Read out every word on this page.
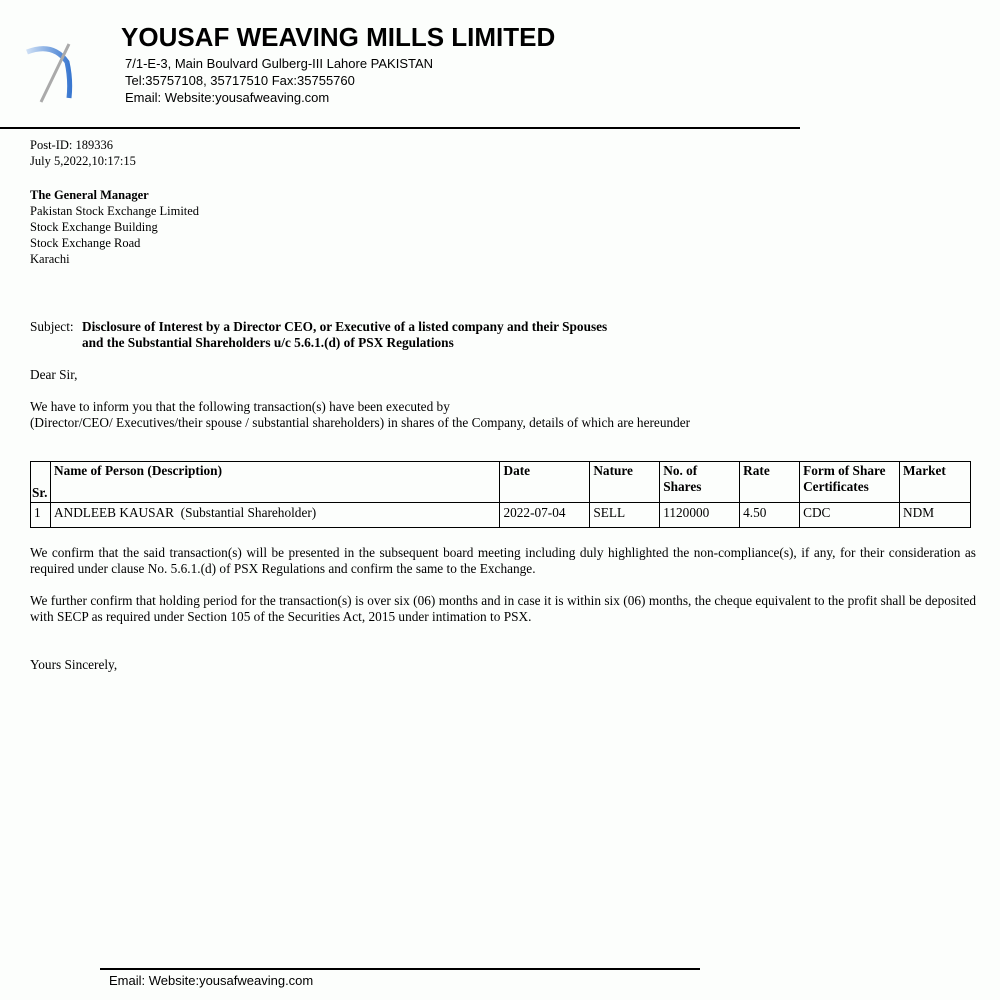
YOUSAF WEAVING MILLS LIMITED
7/1-E-3, Main Boulvard Gulberg-III Lahore PAKISTAN
Tel:35757108, 35717510 Fax:35755760
Email: Website:yousafweaving.com
Post-ID: 189336
July 5,2022,10:17:15
The General Manager
Pakistan Stock Exchange Limited
Stock Exchange Building
Stock Exchange Road
Karachi
Subject: Disclosure of Interest by a Director CEO, or Executive of a listed company and their Spouses
and the Substantial Shareholders u/c 5.6.1.(d) of PSX Regulations
Dear Sir,
We have to inform you that the following transaction(s) have been executed by
(Director/CEO/ Executives/their spouse / substantial shareholders) in shares of the Company, details of which are hereunder
Sr.	Name of Person (Description)	Date	Nature	No. of Shares	Rate	Form of Share Certificates	Market
1	ANDLEEB KAUSAR  (Substantial Shareholder)	2022-07-04	SELL	1120000	4.50	CDC	NDM
We confirm that the said transaction(s) will be presented in the subsequent board meeting including duly highlighted the non-compliance(s), if any, for their consideration as required under clause No. 5.6.1.(d) of PSX Regulations and confirm the same to the Exchange.
We further confirm that holding period for the transaction(s) is over six (06) months and in case it is within six (06) months, the cheque equivalent to the profit shall be deposited with SECP as required under Section 105 of the Securities Act, 2015 under intimation to PSX.
Yours Sincerely,
Email: Website:yousafweaving.com
